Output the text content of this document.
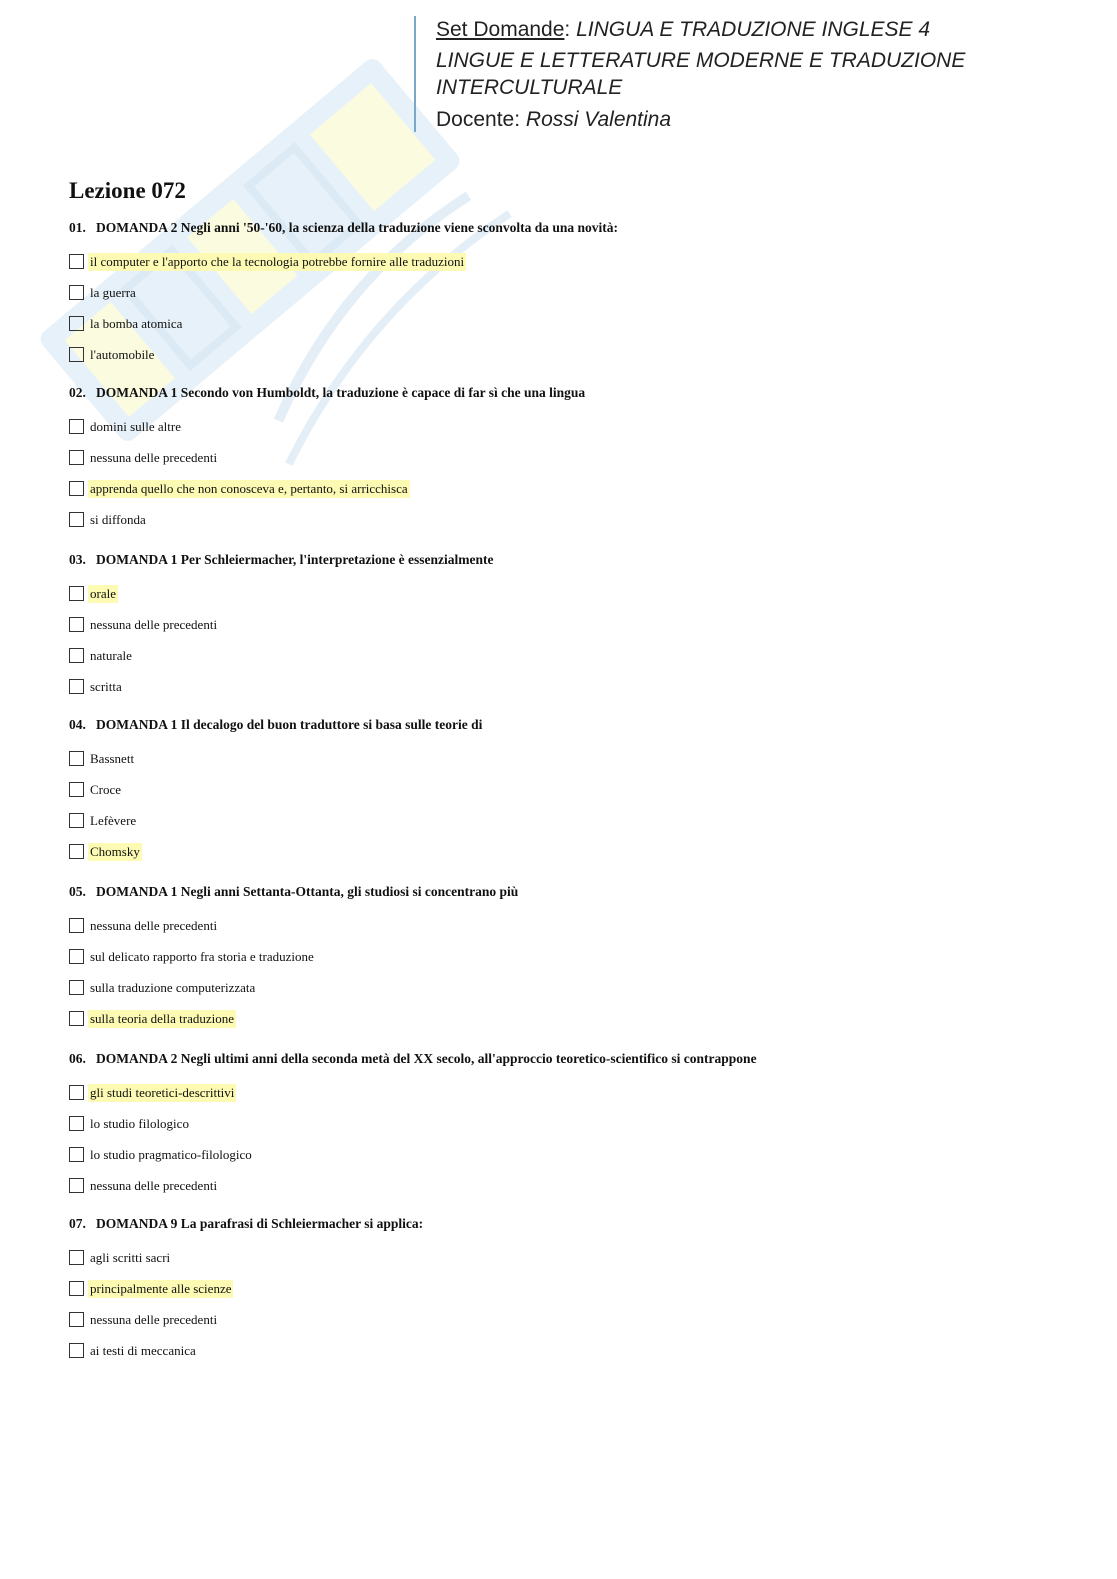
Set Domande: LINGUA E TRADUZIONE INGLESE 4
LINGUE E LETTERATURE MODERNE E TRADUZIONE
INTERCULTURALE
Docente: Rossi Valentina
Lezione 072
01. DOMANDA 2 Negli anni '50-'60, la scienza della traduzione viene sconvolta da una novità:
il computer e l'apporto che la tecnologia potrebbe fornire alle traduzioni
la guerra
la bomba atomica
l'automobile
02. DOMANDA 1 Secondo von Humboldt, la traduzione è capace di far sì che una lingua
domini sulle altre
nessuna delle precedenti
apprenda quello che non conosceva e, pertanto, si arricchisca
si diffonda
03. DOMANDA 1 Per Schleiermacher, l'interpretazione è essenzialmente
orale
nessuna delle precedenti
naturale
scritta
04. DOMANDA 1 Il decalogo del buon traduttore si basa sulle teorie di
Bassnett
Croce
Lefèvere
Chomsky
05. DOMANDA 1 Negli anni Settanta-Ottanta, gli studiosi si concentrano più
nessuna delle precedenti
sul delicato rapporto fra storia e traduzione
sulla traduzione computerizzata
sulla teoria della traduzione
06. DOMANDA 2 Negli ultimi anni della seconda metà del XX secolo, all'approccio teoretico-scientifico si contrappone
gli studi teoretici-descrittivi
lo studio filologico
lo studio pragmatico-filologico
nessuna delle precedenti
07. DOMANDA 9 La parafrasi di Schleiermacher si applica:
agli scritti sacri
principalmente alle scienze
nessuna delle precedenti
ai testi di meccanica
